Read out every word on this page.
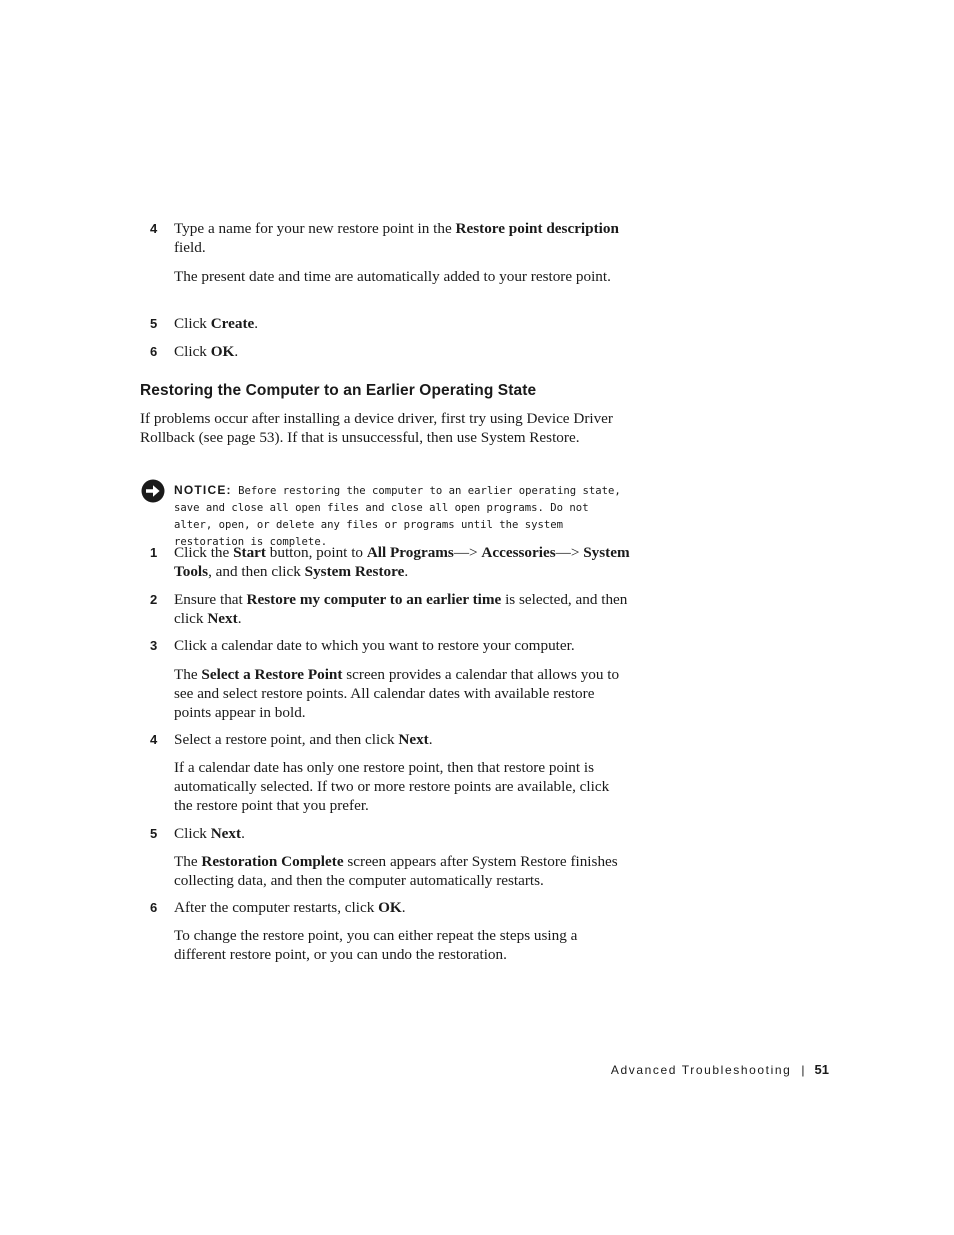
4 Type a name for your new restore point in the Restore point description field.
The present date and time are automatically added to your restore point.
5 Click Create.
6 Click OK.
Restoring the Computer to an Earlier Operating State
If problems occur after installing a device driver, first try using Device Driver Rollback (see page 53). If that is unsuccessful, then use System Restore.
NOTICE: Before restoring the computer to an earlier operating state, save and close all open files and close all open programs. Do not alter, open, or delete any files or programs until the system restoration is complete.
1 Click the Start button, point to All Programs—> Accessories—> System Tools, and then click System Restore.
2 Ensure that Restore my computer to an earlier time is selected, and then click Next.
3 Click a calendar date to which you want to restore your computer.
The Select a Restore Point screen provides a calendar that allows you to see and select restore points. All calendar dates with available restore points appear in bold.
4 Select a restore point, and then click Next.
If a calendar date has only one restore point, then that restore point is automatically selected. If two or more restore points are available, click the restore point that you prefer.
5 Click Next.
The Restoration Complete screen appears after System Restore finishes collecting data, and then the computer automatically restarts.
6 After the computer restarts, click OK.
To change the restore point, you can either repeat the steps using a different restore point, or you can undo the restoration.
Advanced Troubleshooting | 51
